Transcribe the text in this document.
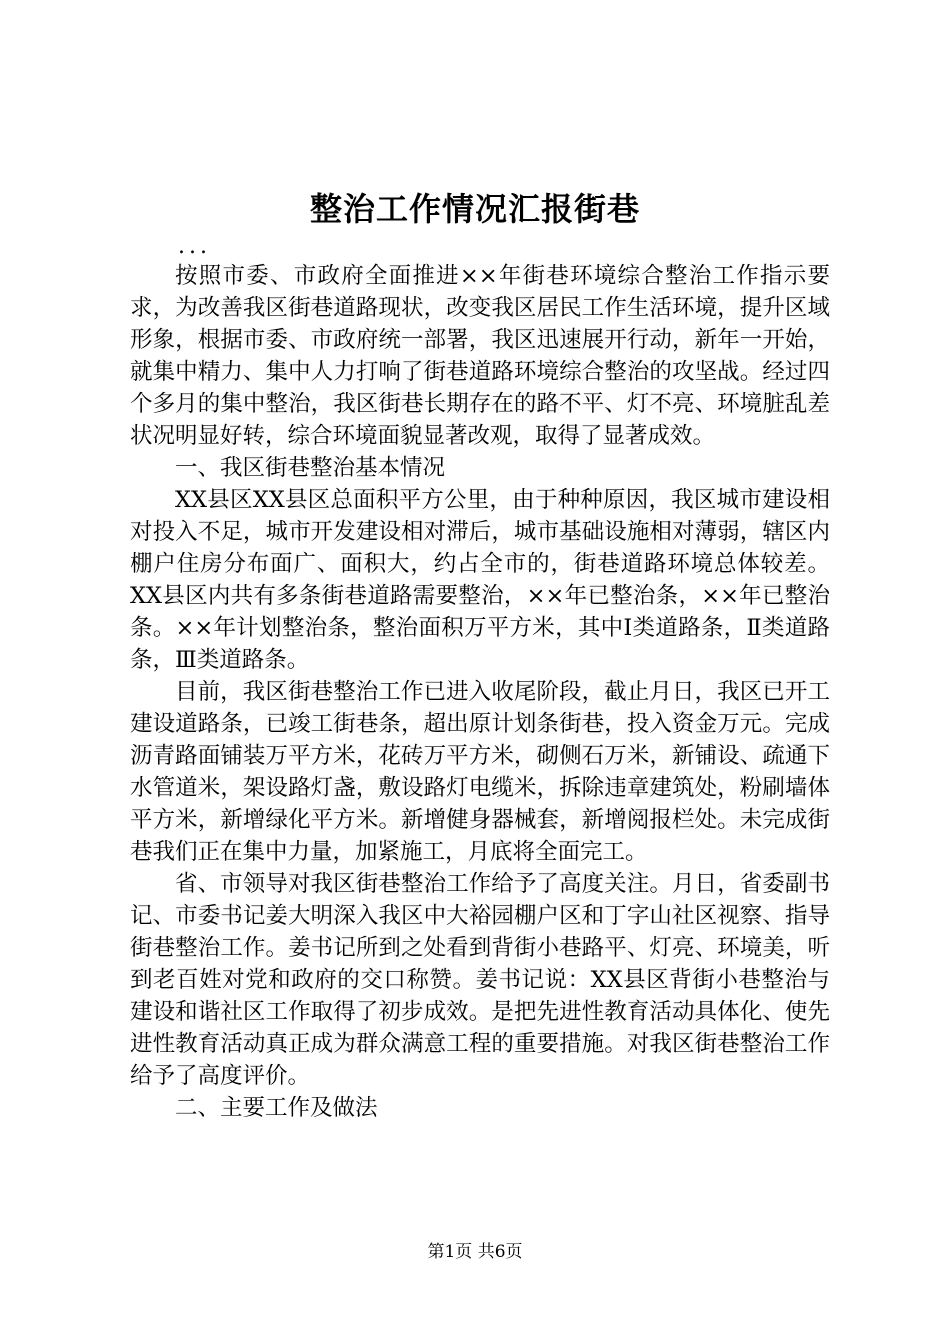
整治工作情况汇报街巷
...

按照市委、市政府全面推进××年街巷环境综合整治工作指示要求，为改善我区街巷道路现状，改变我区居民工作生活环境，提升区域形象，根据市委、市政府统一部署，我区迅速展开行动，新年一开始，就集中精力、集中人力打响了街巷道路环境综合整治的攻坚战。经过四个多月的集中整治，我区街巷长期存在的路不平、灯不亮、环境脏乱差状况明显好转，综合环境面貌显著改观，取得了显著成效。

一、我区街巷整治基本情况

XX县区XX县区总面积平方公里，由于种种原因，我区城市建设相对投入不足，城市开发建设相对滞后，城市基础设施相对薄弱，辖区内棚户住房分布面广、面积大，约占全市的，街巷道路环境总体较差。XX县区内共有多条街巷道路需要整治，××年已整治条，××年已整治条。××年计划整治条，整治面积万平方米，其中Ⅰ类道路条，Ⅱ类道路条，Ⅲ类道路条。

目前，我区街巷整治工作已进入收尾阶段，截止月日，我区已开工建设道路条，已竣工街巷条，超出原计划条街巷，投入资金万元。完成沥青路面铺装万平方米，花砖万平方米，砌侧石万米，新铺设、疏通下水管道米，架设路灯盏，敷设路灯电缆米，拆除违章建筑处，粉刷墙体平方米，新增绿化平方米。新增健身器械套，新增阅报栏处。未完成街巷我们正在集中力量，加紧施工，月底将全面完工。

省、市领导对我区街巷整治工作给予了高度关注。月日，省委副书记、市委书记姜大明深入我区中大裕园棚户区和丁字山社区视察、指导街巷整治工作。姜书记所到之处看到背街小巷路平、灯亮、环境美，听到老百姓对党和政府的交口称赞。姜书记说：XX县区背街小巷整治与建设和谐社区工作取得了初步成效。是把先进性教育活动具体化、使先进性教育活动真正成为群众满意工程的重要措施。对我区街巷整治工作给予了高度评价。

二、主要工作及做法

第1页 共6页
